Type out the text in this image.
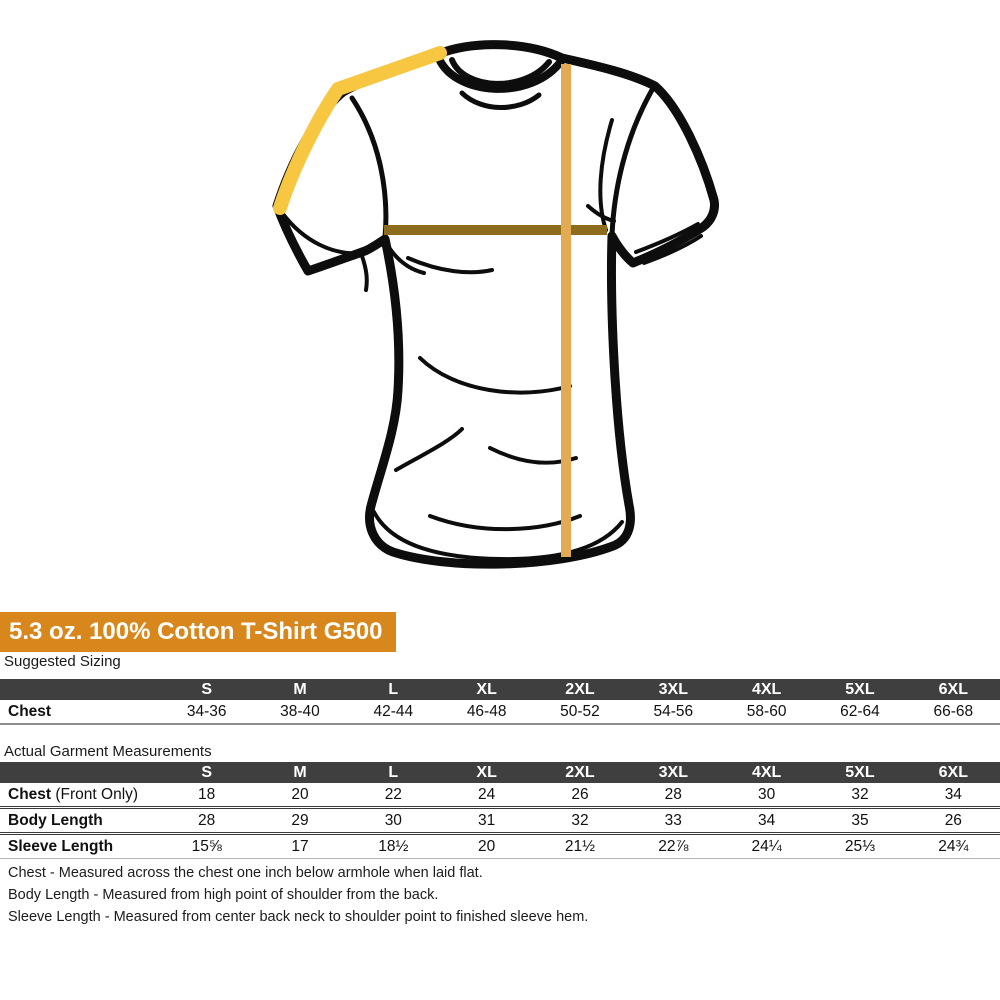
5.3 oz. 100% Cotton T-Shirt G500
Suggested Sizing
	S	M	L	XL	2XL	3XL	4XL	5XL	6XL
Chest	34-36	38-40	42-44	46-48	50-52	54-56	58-60	62-64	66-68
Actual Garment Measurements
	S	M	L	XL	2XL	3XL	4XL	5XL	6XL
Chest (Front Only)	18	20	22	24	26	28	30	32	34
Body Length	28	29	30	31	32	33	34	35	26
Sleeve Length	15⅝	17	18½	20	21½	22⅞	24¼	25⅓	24¾
Chest - Measured across the chest one inch below armhole when laid flat.
Body Length - Measured from high point of shoulder from the back.
Sleeve Length - Measured from center back neck to shoulder point to finished sleeve hem.
